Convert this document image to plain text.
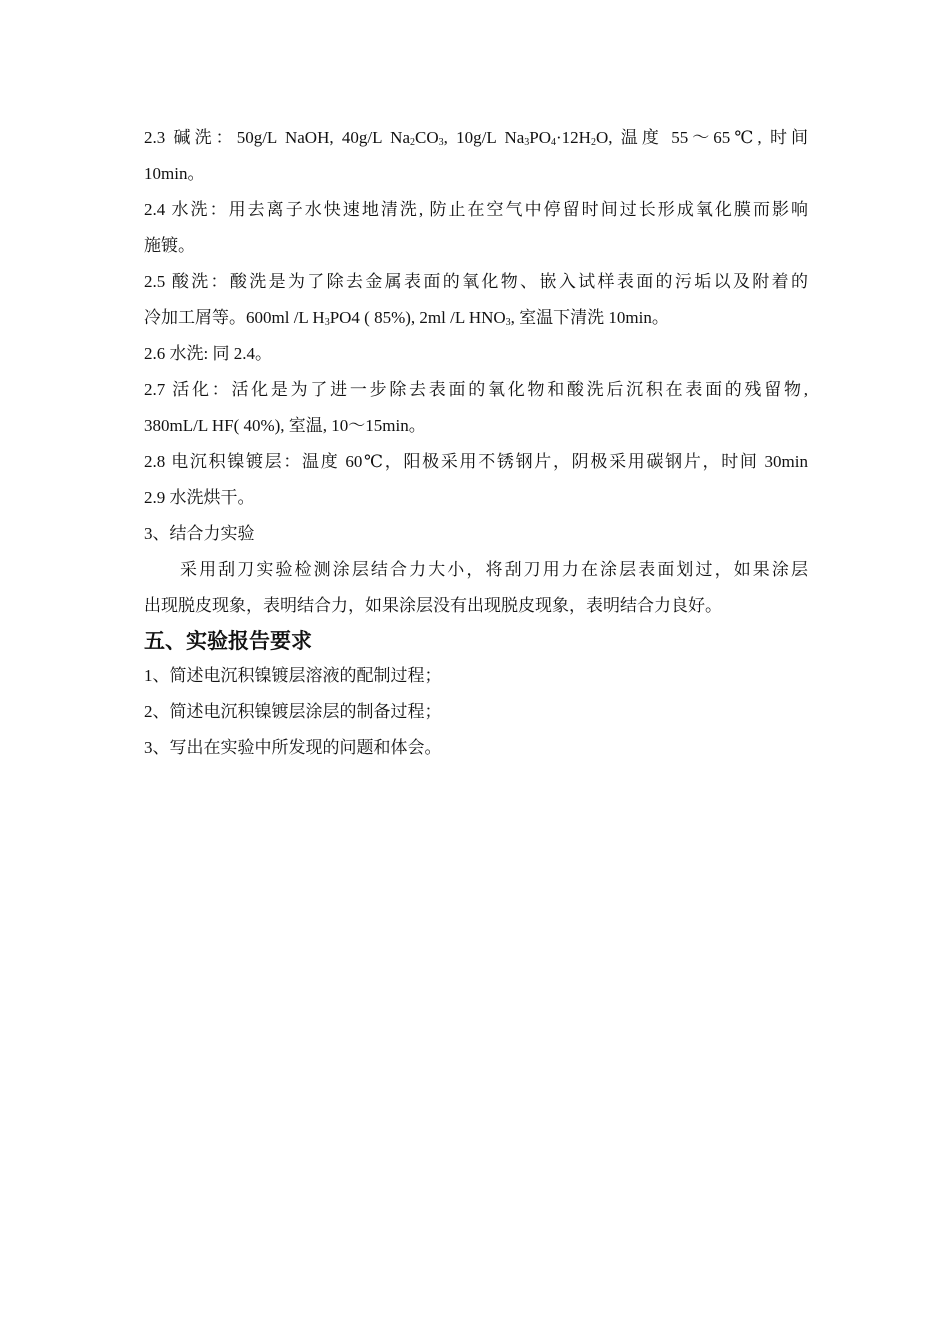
2.3 碱洗：50g/L NaOH, 40g/L $Na_2CO_3$, 10g/L $Na_3PO_4\cdot 12H_2O$, 温度 55～65℃, 时间

10min。

2.4 水洗：用去离子水快速地清洗, 防止在空气中停留时间过长形成氧化膜而影响

施镀。

2.5 酸洗：酸洗是为了除去金属表面的氧化物、嵌入试样表面的污垢以及附着的

冷加工屑等。600ml /L $H_3PO4$ ( 85%), 2ml /L $HNO_3$, 室温下清洗 10min。

2.6 水洗: 同 2.4。

2.7 活化：活化是为了进一步除去表面的氧化物和酸洗后沉积在表面的残留物,

380mL/L HF( 40%), 室温, 10～15min。

2.8 电沉积镍镀层：温度 60℃，阳极采用不锈钢片，阴极采用碳钢片，时间 30min

2.9 水洗烘干。

3、结合力实验

采用刮刀实验检测涂层结合力大小，将刮刀用力在涂层表面划过，如果涂层

出现脱皮现象，表明结合力，如果涂层没有出现脱皮现象，表明结合力良好。

五、实验报告要求

1、简述电沉积镍镀层溶液的配制过程；

2、简述电沉积镍镀层涂层的制备过程；

3、写出在实验中所发现的问题和体会。
